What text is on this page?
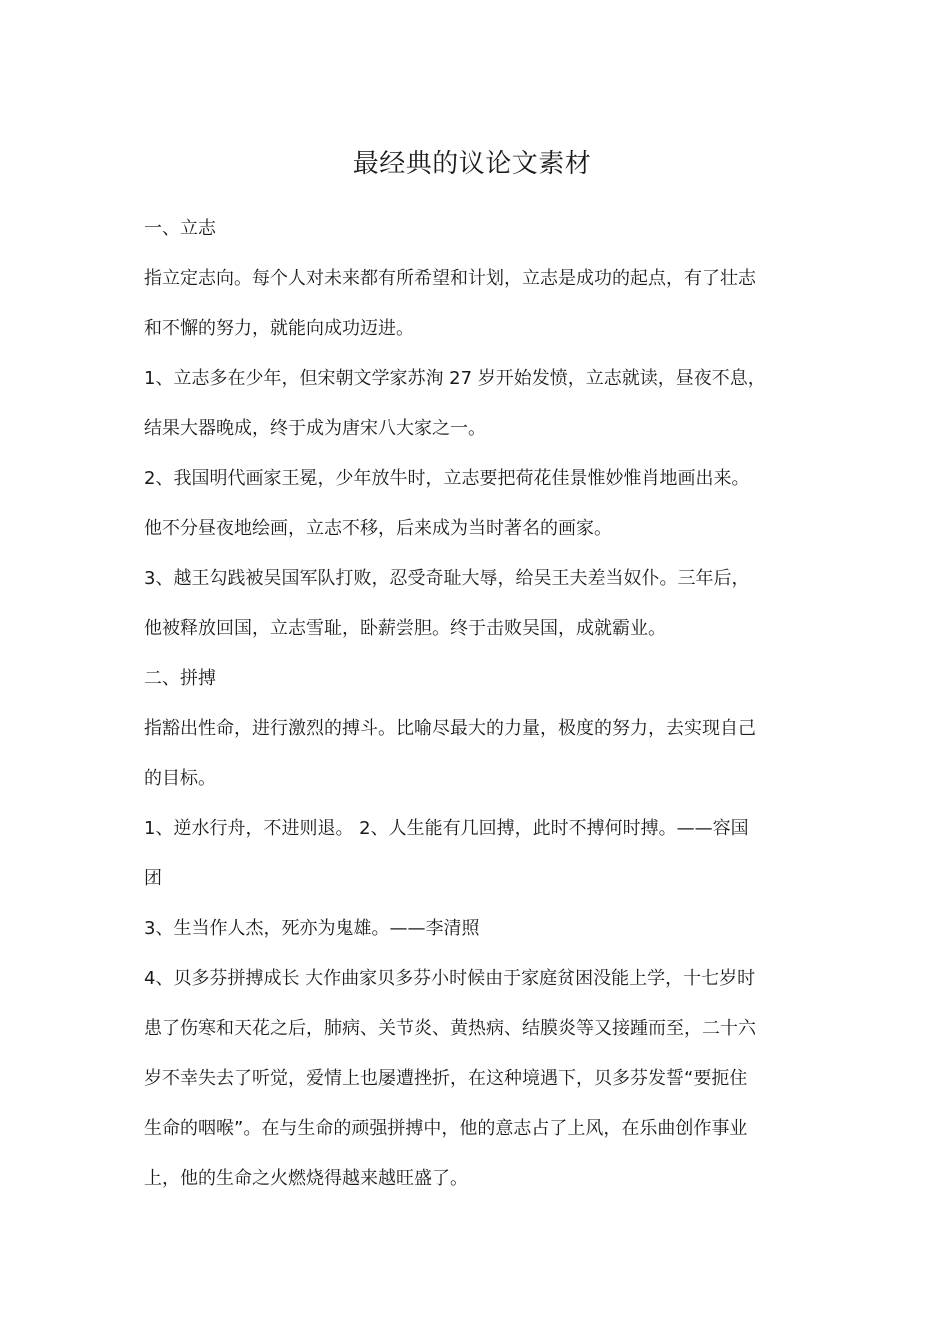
最经典的议论文素材

一、立志

指立定志向。每个人对未来都有所希望和计划，立志是成功的起点，有了壮志

和不懈的努力，就能向成功迈进。

1、立志多在少年，但宋朝文学家苏洵 27 岁开始发愤，立志就读，昼夜不息，

结果大器晚成，终于成为唐宋八大家之一。

2、我国明代画家王冕，少年放牛时，立志要把荷花佳景惟妙惟肖地画出来。

他不分昼夜地绘画，立志不移，后来成为当时著名的画家。

3、越王勾践被吴国军队打败，忍受奇耻大辱，给吴王夫差当奴仆。三年后，

他被释放回国，立志雪耻，卧薪尝胆。终于击败吴国，成就霸业。

二、拼搏

指豁出性命，进行激烈的搏斗。比喻尽最大的力量，极度的努力，去实现自己

的目标。

1、逆水行舟，不进则退。 2、人生能有几回搏，此时不搏何时搏。——容国

团

3、生当作人杰，死亦为鬼雄。——李清照

4、贝多芬拼搏成长 大作曲家贝多芬小时候由于家庭贫困没能上学，十七岁时

患了伤寒和天花之后，肺病、关节炎、黄热病、结膜炎等又接踵而至，二十六

岁不幸失去了听觉，爱情上也屡遭挫折，在这种境遇下，贝多芬发誓“要扼住

生命的咽喉”。在与生命的顽强拼搏中，他的意志占了上风，在乐曲创作事业

上，他的生命之火燃烧得越来越旺盛了。
